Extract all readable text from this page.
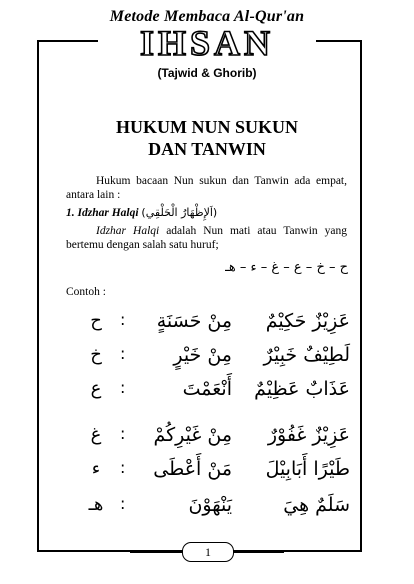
Metode Membaca Al-Qur'an
IHSAN
(Tajwid & Ghorib)
HUKUM NUN SUKUN
DAN TANWIN
Hukum bacaan Nun sukun dan Tanwin ada empat, antara lain :
1. Idzhar Halqi (اَلإِظْهَارُ الْحَلْقِي)
Idzhar Halqi adalah Nun mati atau Tanwin yang bertemu dengan salah satu huruf;
ح – خ – ع – غ – ء – هـ
Contoh :
ح :	مِنْ حَسَنَةٍ	عَزِيْزٌ حَكِيْمٌ
خ :	مِنْ خَيْرٍ	لَطِيْفٌ خَبِيْرٌ
ع :	أَنْعَمْتَ	عَذَابٌ عَظِيْمٌ
غ :	مِنْ غَيْرِكُمْ	عَزِيْزٌ غَفُوْرٌ
ء	:	مَنْ أَعْطَى	طَيْرًا أَبَابِيْلَ
هـ :	يَنْهَوْنَ	سَلَمٌ هِيَ
1
